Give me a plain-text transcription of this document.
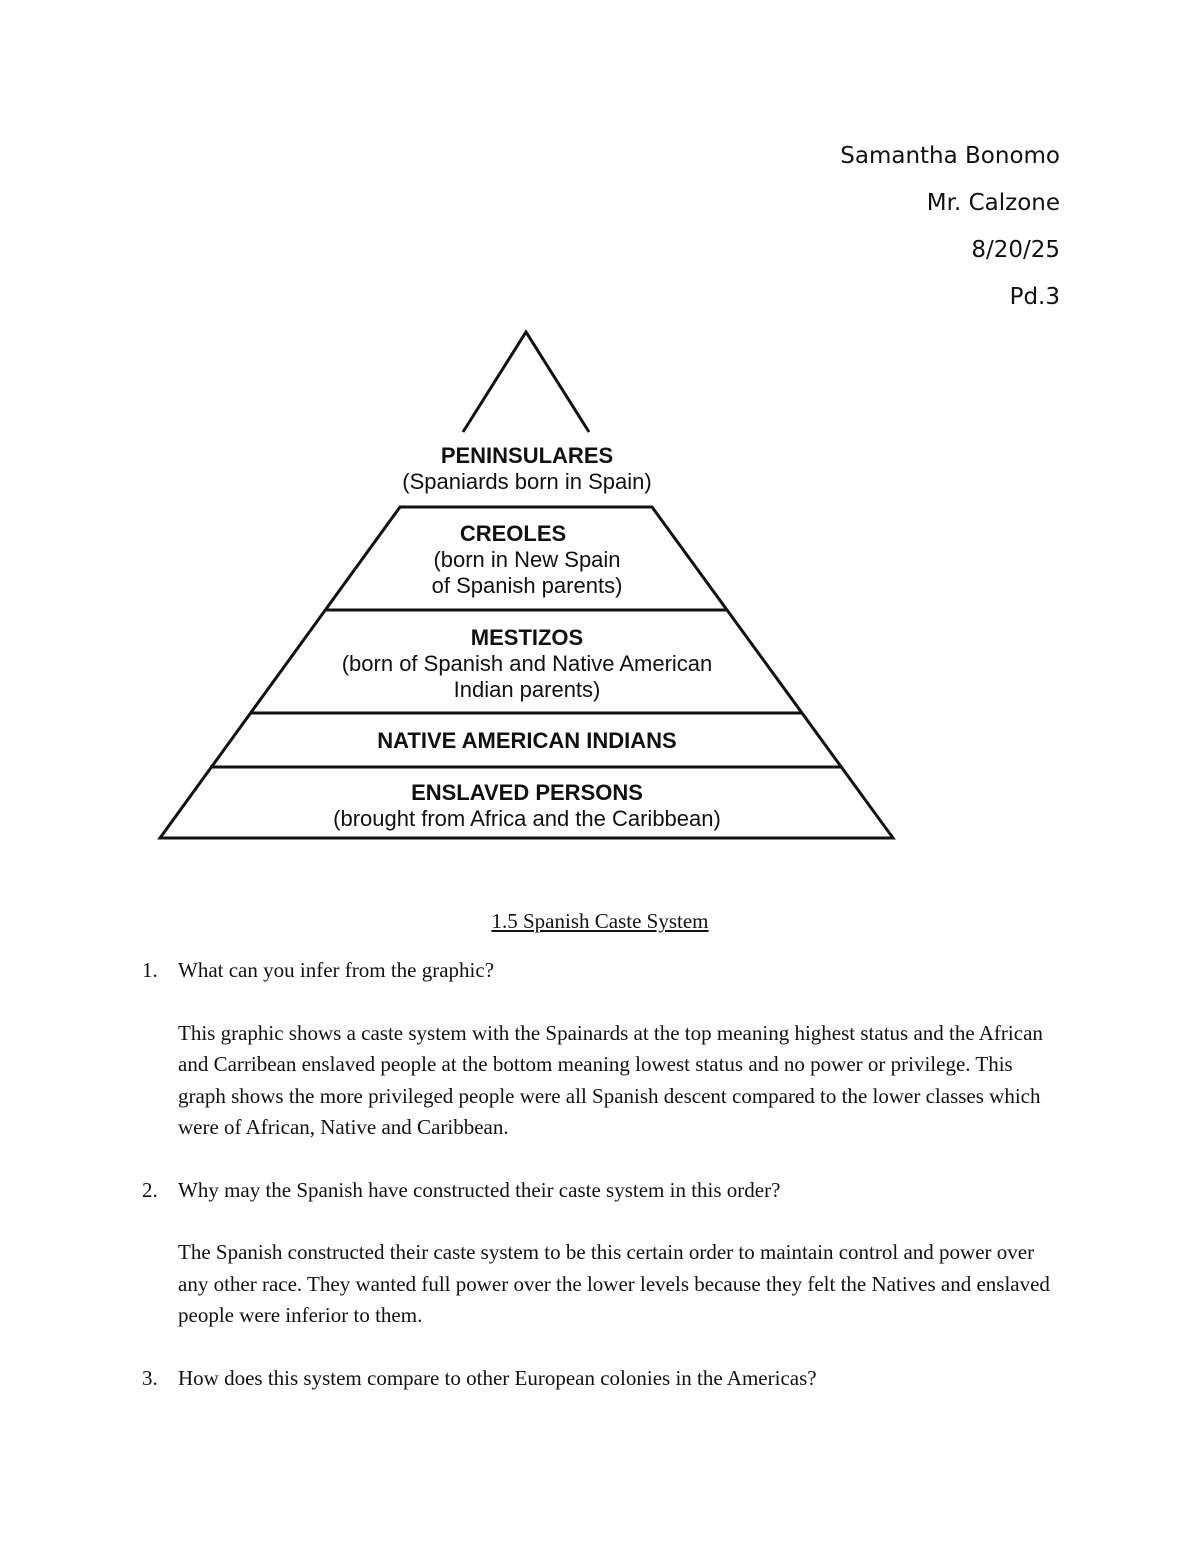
Samantha Bonomo
Mr. Calzone
8/20/25
Pd.3
PENINSULARES
(Spaniards born in Spain)
CREOLES
(born in New Spain
of Spanish parents)
MESTIZOS
(born of Spanish and Native American
Indian parents)
NATIVE AMERICAN INDIANS
ENSLAVED PERSONS
(brought from Africa and the Caribbean)
1.5 Spanish Caste System
1. What can you infer from the graphic?
This graphic shows a caste system with the Spainards at the top meaning highest status and the African and Carribean enslaved people at the bottom meaning lowest status and no power or privilege. This graph shows the more privileged people were all Spanish descent compared to the lower classes which were of African, Native and Caribbean.
2. Why may the Spanish have constructed their caste system in this order?
The Spanish constructed their caste system to be this certain order to maintain control and power over any other race. They wanted full power over the lower levels because they felt the Natives and enslaved people were inferior to them.
3. How does this system compare to other European colonies in the Americas?
